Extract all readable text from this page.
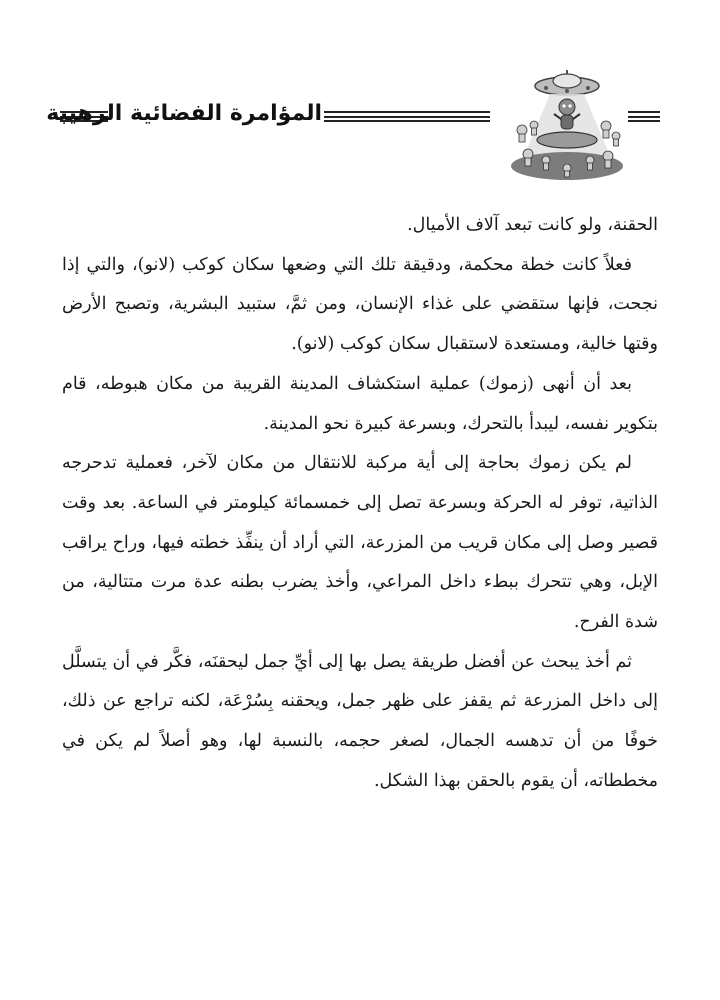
المؤامرة الفضائية الرهيبة

الحقنة، ولو كانت تبعد آلاف الأميال.

فعلاً كانت خطة محكمة، ودقيقة تلك التي وضعها سكان كوكب (لانو)، والتي إذا نجحت، فإنها ستقضي على غذاء الإنسان، ومن ثمَّ، ستبيد البشرية، وتصبح الأرض وقتها خالية، ومستعدة لاستقبال سكان كوكب (لانو).

بعد أن أنهى (زموك) عملية استكشاف المدينة القريبة من مكان هبوطه، قام بتكوير نفسه، ليبدأ بالتحرك، وبسرعة كبيرة نحو المدينة.

لم يكن زموك بحاجة إلى أية مركبة للانتقال من مكان لآخر، فعملية تدحرجه الذاتية، توفر له الحركة وبسرعة تصل إلى خمسمائة كيلومتر في الساعة. بعد وقت قصير وصل إلى مكان قريب من المزرعة، التي أراد أن ينفِّذ خطته فيها، وراح يراقب الإبل، وهي تتحرك ببطء داخل المراعي، وأخذ يضرب بطنه عدة مرت متتالية، من شدة الفرح.

ثم أخذ يبحث عن أفضل طريقة يصل بها إلى أيِّ جمل ليحقنَه، فكَّر في أن يتسلَّل إلى داخل المزرعة ثم يقفز على ظهر جمل، ويحقنه بِسُرْعَة، لكنه تراجع عن ذلك، خوفًا من أن تدهسه الجمال، لصغر حجمه، بالنسبة لها، وهو أصلاً لم يكن في مخططاته، أن يقوم بالحقن بهذا الشكل.
